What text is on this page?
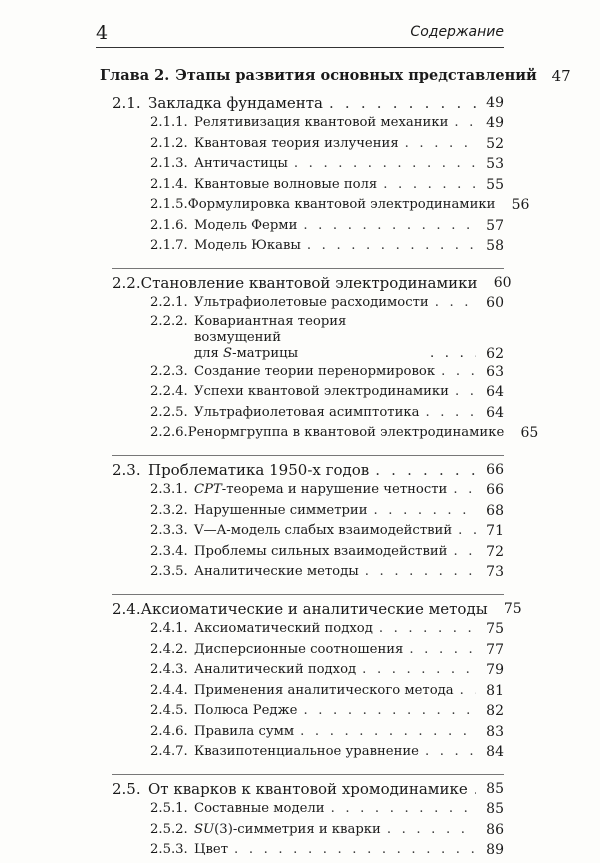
4	Содержание
Глава 2. Этапы развития основных представлений 47
2.1. Закладка фундамента . . .	49
2.1.1. Релятивизация квантовой механики . . .	49
2.1.2. Квантовая теория излучения . . .	52
2.1.3. Античастицы . . .	53
2.1.4. Квантовые волновые поля . . .	55
2.1.5. Формулировка квантовой электродинамики 56
2.1.6. Модель Ферми . . .	57
2.1.7. Модель Юкавы . . .	58
2.2. Становление квантовой электродинамики 60
2.2.1. Ультрафиолетовые расходимости . . .	60
2.2.2. Ковариантная теория возмущений
для S-матрицы . . .	62
2.2.3. Создание теории перенормировок . . .	63
2.2.4. Успехи квантовой электродинамики . . .	64
2.2.5. Ультрафиолетовая асимптотика . . .	64
2.2.6. Ренормгруппа в квантовой электродинамике 65
2.3. Проблематика 1950-х годов . . .	66
2.3.1. CPT-теорема и нарушение четности . . .	66
2.3.2. Нарушенные симметрии . . .	68
2.3.3. V—A-модель слабых взаимодействий . . . 71
2.3.4. Проблемы сильных взаимодействий . . .	72
2.3.5. Аналитические методы . . .	73
2.4. Аксиоматические и аналитические методы 75
2.4.1. Аксиоматический подход . . .	75
2.4.2. Дисперсионные соотношения . . .	77
2.4.3. Аналитический подход . . .	79
2.4.4. Применения аналитического метода . . . 81
2.4.5. Полюса Редже . . .	82
2.4.6. Правила сумм . . .	83
2.4.7. Квазипотенциальное уравнение . . .	84
2.5. От кварков к квантовой хромодинамике . . . 85
2.5.1. Составные модели . . .	85
2.5.2. SU(3)-симметрия и кварки . . .	86
2.5.3. Цвет . . .	89
